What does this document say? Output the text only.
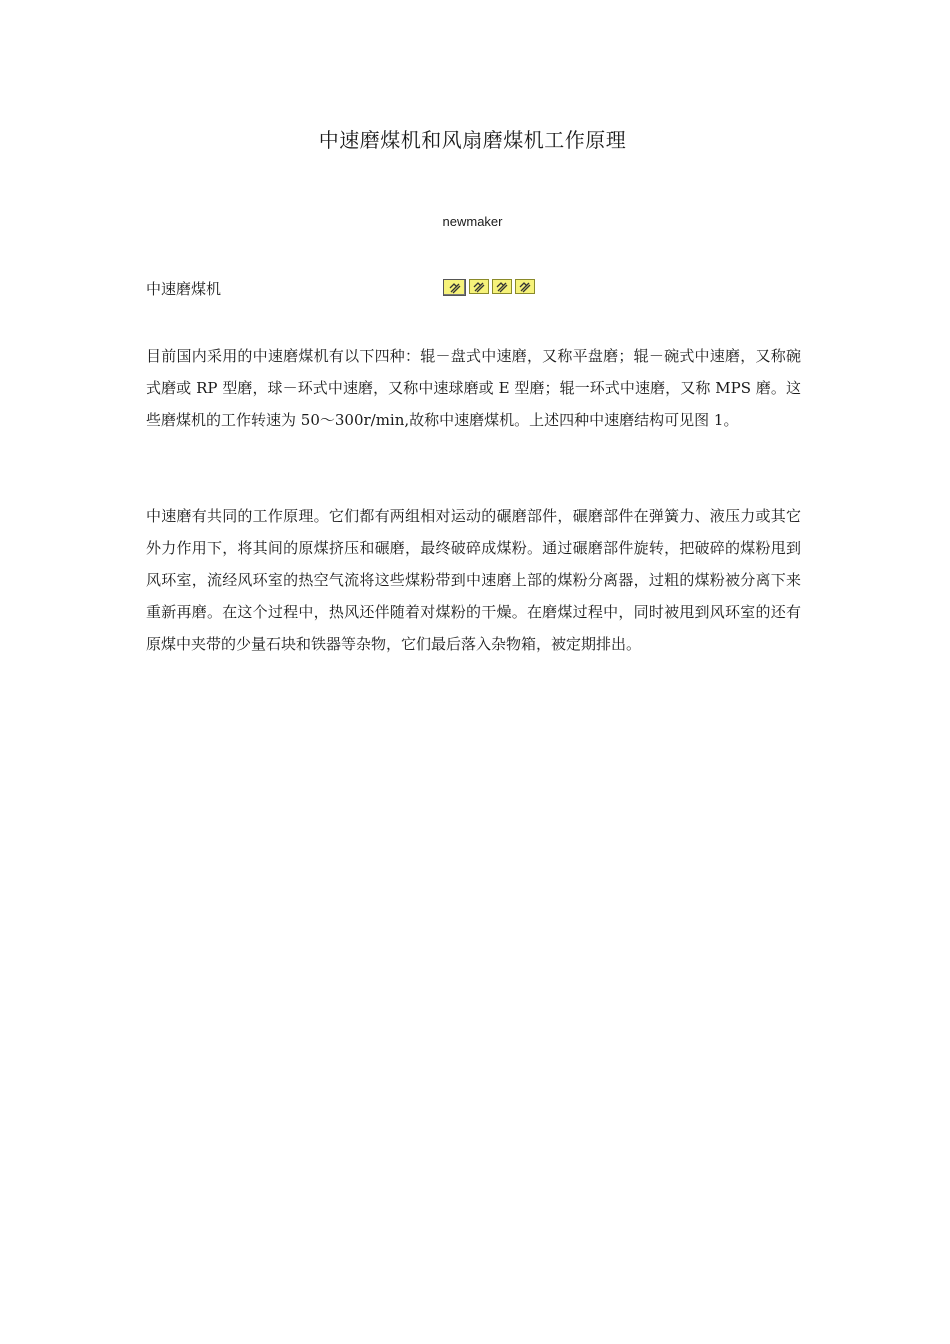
中速磨煤机和风扇磨煤机工作原理
newmaker
中速磨煤机

目前国内采用的中速磨煤机有以下四种：辊－盘式中速磨，又称平盘磨；辊－碗式中速磨，又称碗式磨或 RP 型磨，球－环式中速磨，又称中速球磨或 E 型磨；辊一环式中速磨，又称 MPS 磨。这些磨煤机的工作转速为 50～300r/min,故称中速磨煤机。上述四种中速磨结构可见图 1。

中速磨有共同的工作原理。它们都有两组相对运动的碾磨部件，碾磨部件在弹簧力、液压力或其它外力作用下，将其间的原煤挤压和碾磨，最终破碎成煤粉。通过碾磨部件旋转，把破碎的煤粉甩到风环室，流经风环室的热空气流将这些煤粉带到中速磨上部的煤粉分离器，过粗的煤粉被分离下来重新再磨。在这个过程中，热风还伴随着对煤粉的干燥。在磨煤过程中，同时被甩到风环室的还有原煤中夹带的少量石块和铁器等杂物，它们最后落入杂物箱，被定期排出。
